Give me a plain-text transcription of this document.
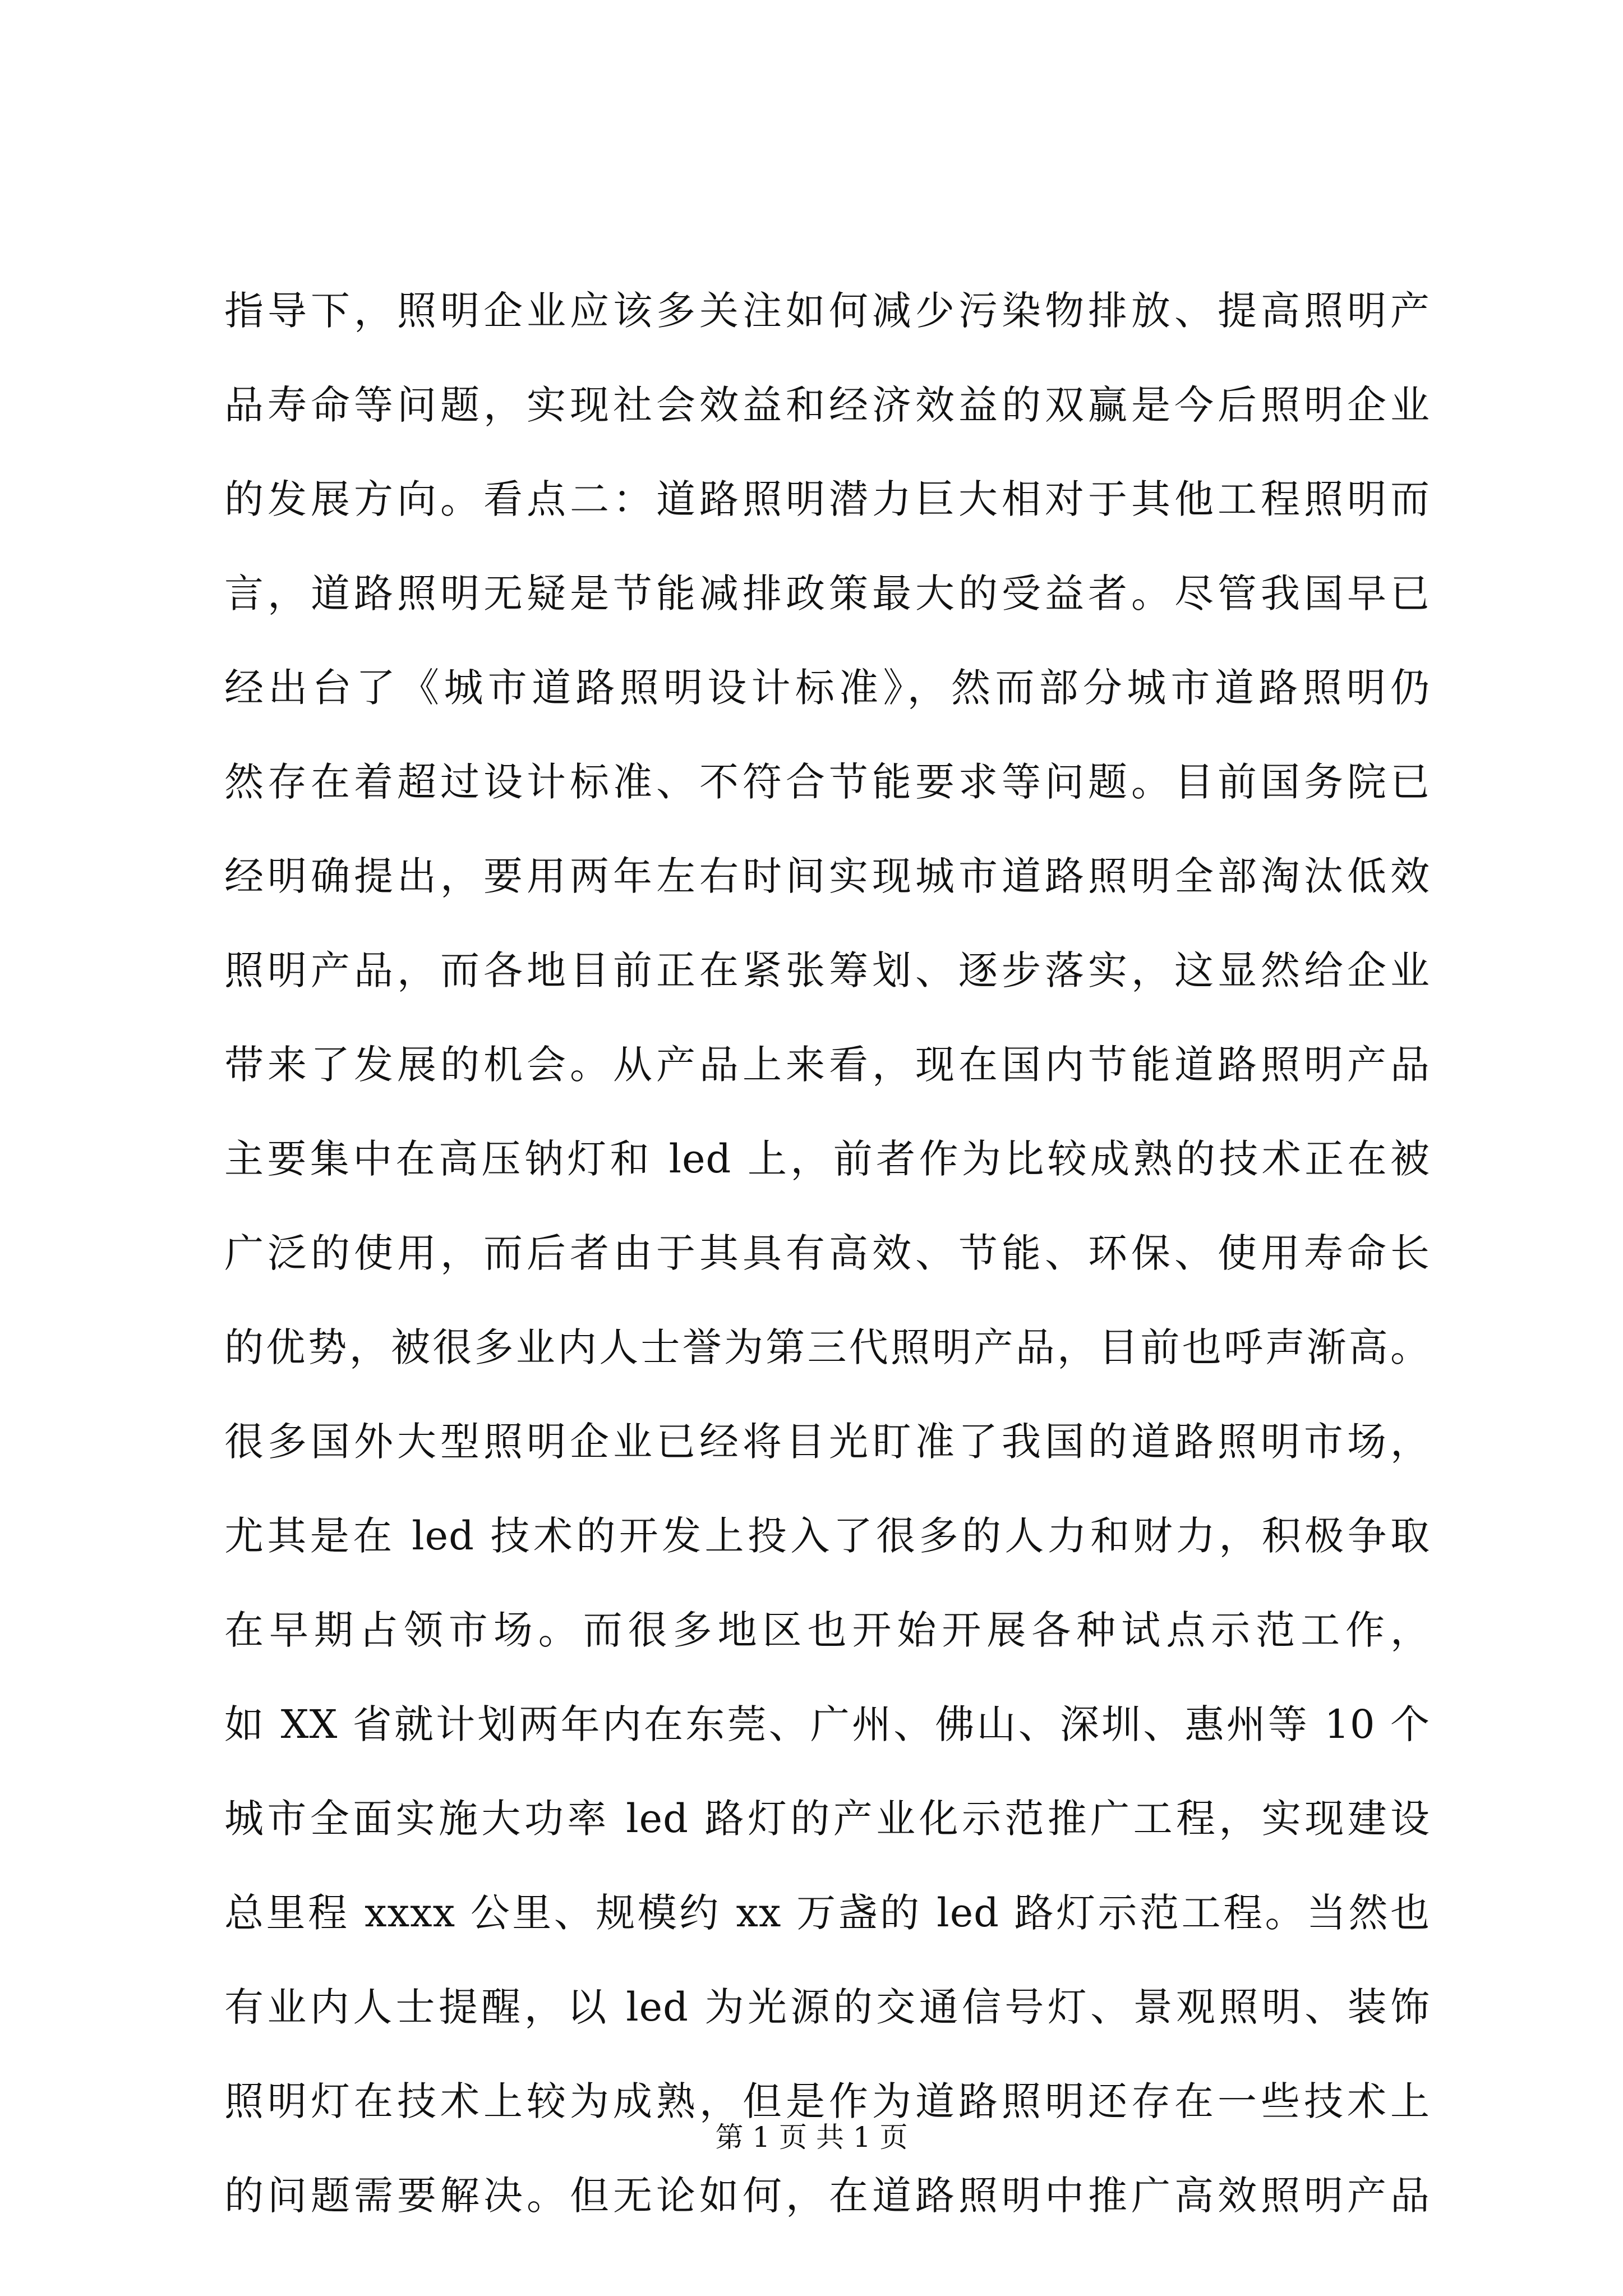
指导下，照明企业应该多关注如何减少污染物排放、提高照明产
品寿命等问题，实现社会效益和经济效益的双赢是今后照明企业
的发展方向。看点二：道路照明潜力巨大相对于其他工程照明而
言，道路照明无疑是节能减排政策最大的受益者。尽管我国早已
经出台了《城市道路照明设计标准》，然而部分城市道路照明仍
然存在着超过设计标准、不符合节能要求等问题。目前国务院已
经明确提出，要用两年左右时间实现城市道路照明全部淘汰低效
照明产品，而各地目前正在紧张筹划、逐步落实，这显然给企业
带来了发展的机会。从产品上来看，现在国内节能道路照明产品
主要集中在高压钠灯和 led 上，前者作为比较成熟的技术正在被
广泛的使用，而后者由于其具有高效、节能、环保、使用寿命长
的优势，被很多业内人士誉为第三代照明产品，目前也呼声渐高。
很多国外大型照明企业已经将目光盯准了我国的道路照明市场，
尤其是在 led 技术的开发上投入了很多的人力和财力，积极争取
在早期占领市场。而很多地区也开始开展各种试点示范工作，
如 XX 省就计划两年内在东莞、广州、佛山、深圳、惠州等 10 个
城市全面实施大功率 led 路灯的产业化示范推广工程，实现建设
总里程 xxxx 公里、规模约 xx 万盏的 led 路灯示范工程。当然也
有业内人士提醒，以 led 为光源的交通信号灯、景观照明、装饰
照明灯在技术上较为成熟，但是作为道路照明还存在一些技术上
的问题需要解决。但无论如何，在道路照明中推广高效照明产品
第 1 页 共 1 页
